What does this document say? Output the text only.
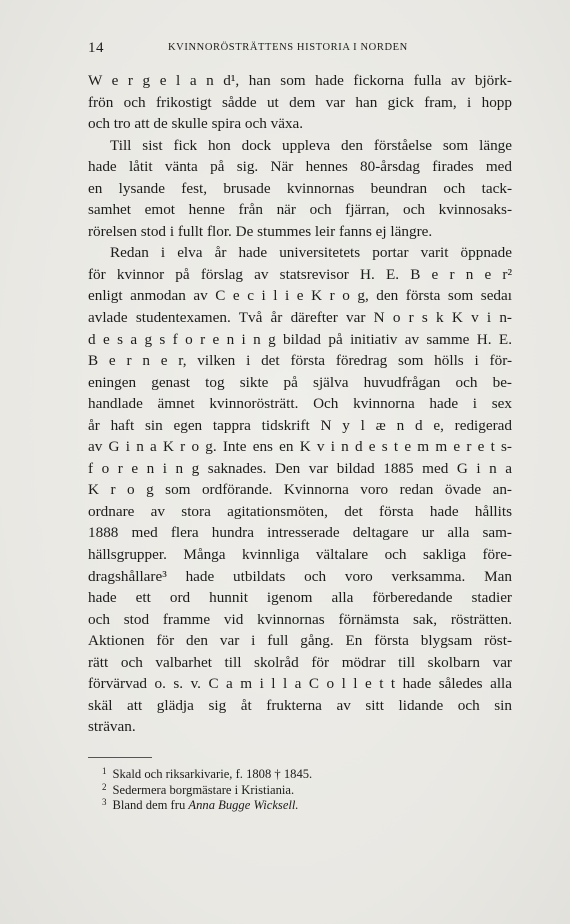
14	KVINNORÖSTRÄTTENS HISTORIA I NORDEN
W e r g e l a n d¹, han som hade fickorna fulla av björk-
frön och frikostigt sådde ut dem var han gick fram, i hopp
och tro att de skulle spira och växa.
Till sist fick hon dock uppleva den förståelse som länge
hade låtit vänta på sig. När hennes 80-årsdag firades med
en lysande fest, brusade kvinnornas beundran och tack-
samhet emot henne från när och fjärran, och kvinnosaks-
rörelsen stod i fullt flor. De stummes leir fanns ej längre.
Redan i elva år hade universitetets portar varit öppnade
för kvinnor på förslag av statsrevisor H. E. B e r n e r²
enligt anmodan av C e c i l i e K r o g, den första som sedaı
avlade studentexamen. Två år därefter var N o r s k K v i n-
d e s a g s f o r e n i n g bildad på initiativ av samme H. E.
B e r n e r, vilken i det första föredrag som hölls i för-
eningen genast tog sikte på själva huvudfrågan och be-
handlade ämnet kvinnorösträtt. Och kvinnorna hade i sex
år haft sin egen tappra tidskrift N y l æ n d e, redigerad
av G i n a K r o g. Inte ens en K v i n d e s t e m m e r e t s-
f o r e n i n g saknades. Den var bildad 1885 med G i n a
K r o g som ordförande. Kvinnorna voro redan övade an-
ordnare av stora agitationsmöten, det första hade hållits
1888 med flera hundra intresserade deltagare ur alla sam-
hällsgrupper. Många kvinnliga vältalare och sakliga före-
dragshållare³ hade utbildats och voro verksamma. Man
hade ett ord hunnit igenom alla förberedande stadier
och stod framme vid kvinnornas förnämsta sak, rösträtten.
Aktionen för den var i full gång. En första blygsam röst-
rätt och valbarhet till skolråd för mödrar till skolbarn var
förvärvad o. s. v. C a m i l l a C o l l e t t hade således alla
skäl att glädja sig åt frukterna av sitt lidande och sin
strävan.
$^1$ Skald och riksarkivarie, f. 1808 † 1845.
$^2$ Sedermera borgmästare i Kristiania.
$^3$ Bland dem fru Anna Bugge Wicksell.
